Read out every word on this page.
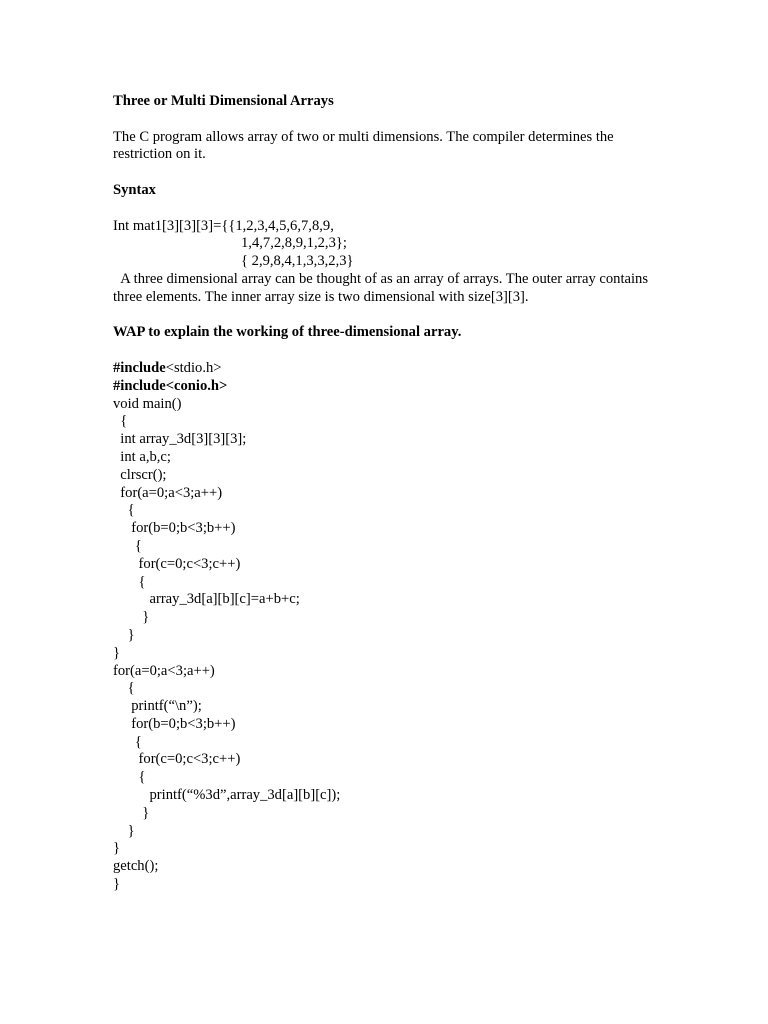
Three or Multi Dimensional Arrays
The C program allows array of two or multi dimensions. The compiler determines the restriction on it.
Syntax
Int mat1[3][3][3]={{1,2,3,4,5,6,7,8,9,
1,4,7,2,8,9,1,2,3};
{ 2,9,8,4,1,3,3,2,3}
A three dimensional array can be thought of as an array of arrays. The outer array contains three elements. The inner array size is two dimensional with size[3][3].
WAP to explain the working of three-dimensional array.
#include<stdio.h>
#include<conio.h>
void main()
{
int array_3d[3][3][3];
int a,b,c;
clrscr();
for(a=0;a<3;a++)
{
for(b=0;b<3;b++)
{
for(c=0;c<3;c++)
{
array_3d[a][b][c]=a+b+c;
}
}
}
for(a=0;a<3;a++)
{
printf(“\n”);
for(b=0;b<3;b++)
{
for(c=0;c<3;c++)
{
printf(“%3d”,array_3d[a][b][c]);
}
}
}
getch();
}
